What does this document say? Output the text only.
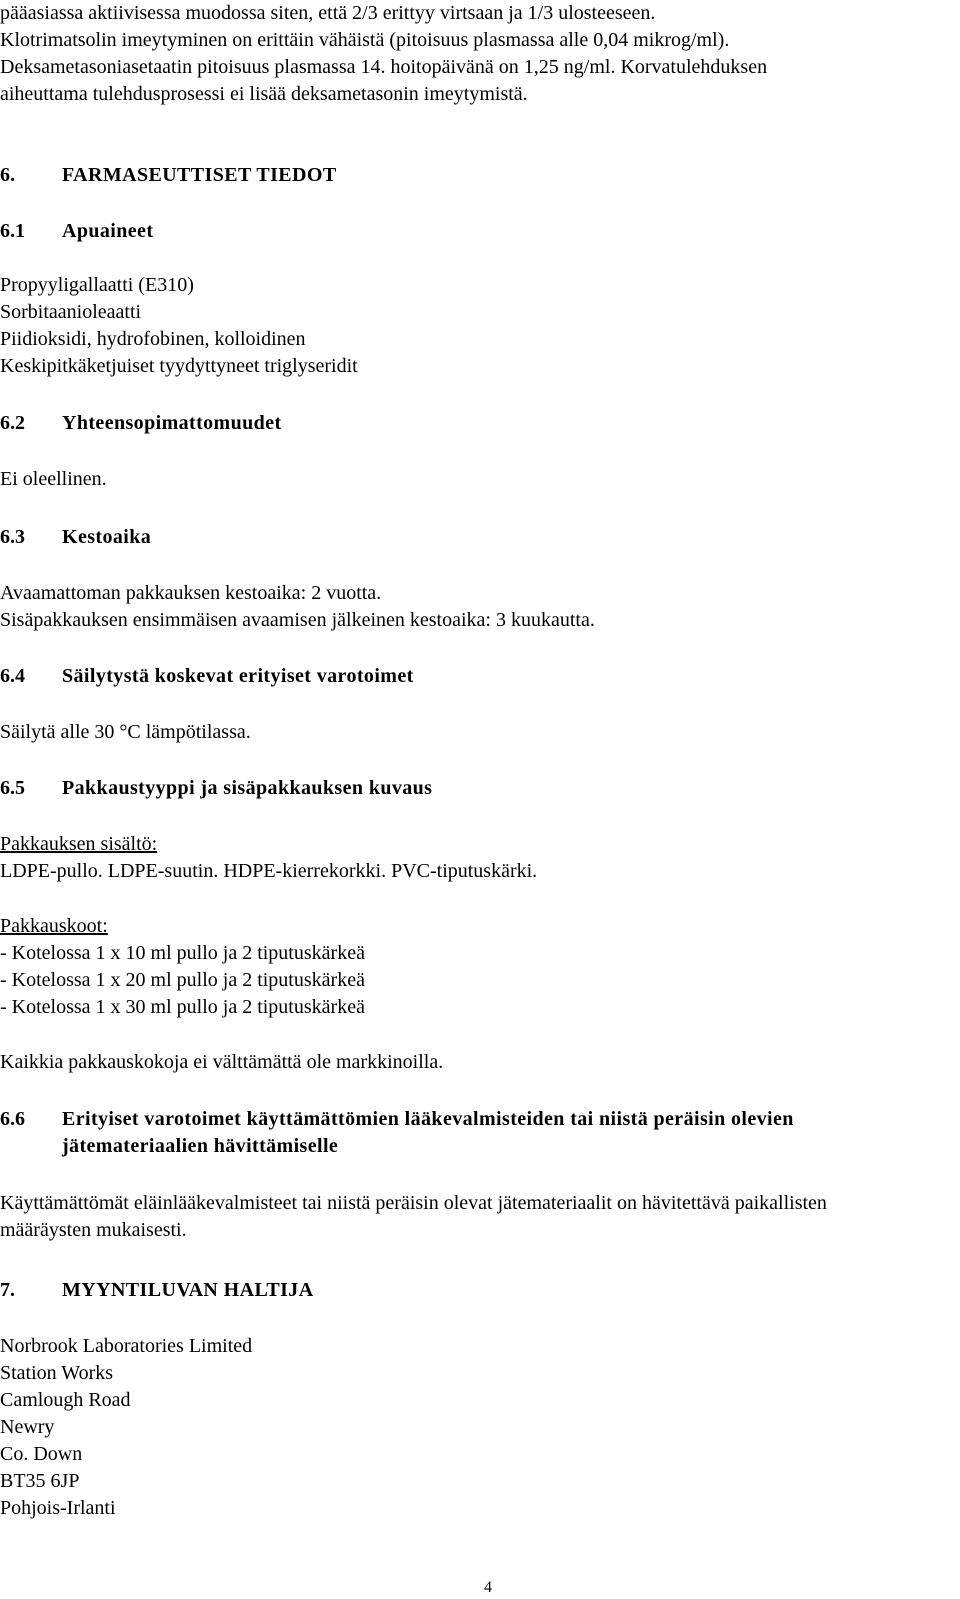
pääasiassa aktiivisessa muodossa siten, että 2/3 erittyy virtsaan ja 1/3 ulosteeseen.
Klotrimatsolin imeytyminen on erittäin vähäistä (pitoisuus plasmassa alle 0,04 mikrog/ml).
Deksametasoniasetaatin pitoisuus plasmassa 14. hoitopäivänä on 1,25 ng/ml. Korvatulehduksen
aiheuttama tulehdusprosessi ei lisää deksametasonin imeytymistä.
6. FARMASEUTTISET TIEDOT
6.1 Apuaineet
Propyyligallaatti (E310)
Sorbitaanioleaatti
Piidioksidi, hydrofobinen, kolloidinen
Keskipitkäketjuiset tyydyttyneet triglyseridit
6.2 Yhteensopimattomuudet
Ei oleellinen.
6.3 Kestoaika
Avaamattoman pakkauksen kestoaika: 2 vuotta.
Sisäpakkauksen ensimmäisen avaamisen jälkeinen kestoaika: 3 kuukautta.
6.4 Säilytystä koskevat erityiset varotoimet
Säilytä alle 30 °C lämpötilassa.
6.5 Pakkaustyyppi ja sisäpakkauksen kuvaus
Pakkauksen sisältö:
LDPE-pullo. LDPE-suutin. HDPE-kierrekorkki. PVC-tiputuskärki.
Pakkauskoot:
- Kotelossa 1 x 10 ml pullo ja 2 tiputuskärkeä
- Kotelossa 1 x 20 ml pullo ja 2 tiputuskärkeä
- Kotelossa 1 x 30 ml pullo ja 2 tiputuskärkeä
Kaikkia pakkauskokoja ei välttämättä ole markkinoilla.
6.6 Erityiset varotoimet käyttämättömien lääkevalmisteiden tai niistä peräisin olevien
jätemateriaalien hävittämiselle
Käyttämättömät eläinlääkevalmisteet tai niistä peräisin olevat jätemateriaalit on hävitettävä paikallisten
määräysten mukaisesti.
7. MYYNTILUVAN HALTIJA
Norbrook Laboratories Limited
Station Works
Camlough Road
Newry
Co. Down
BT35 6JP
Pohjois-Irlanti
4
